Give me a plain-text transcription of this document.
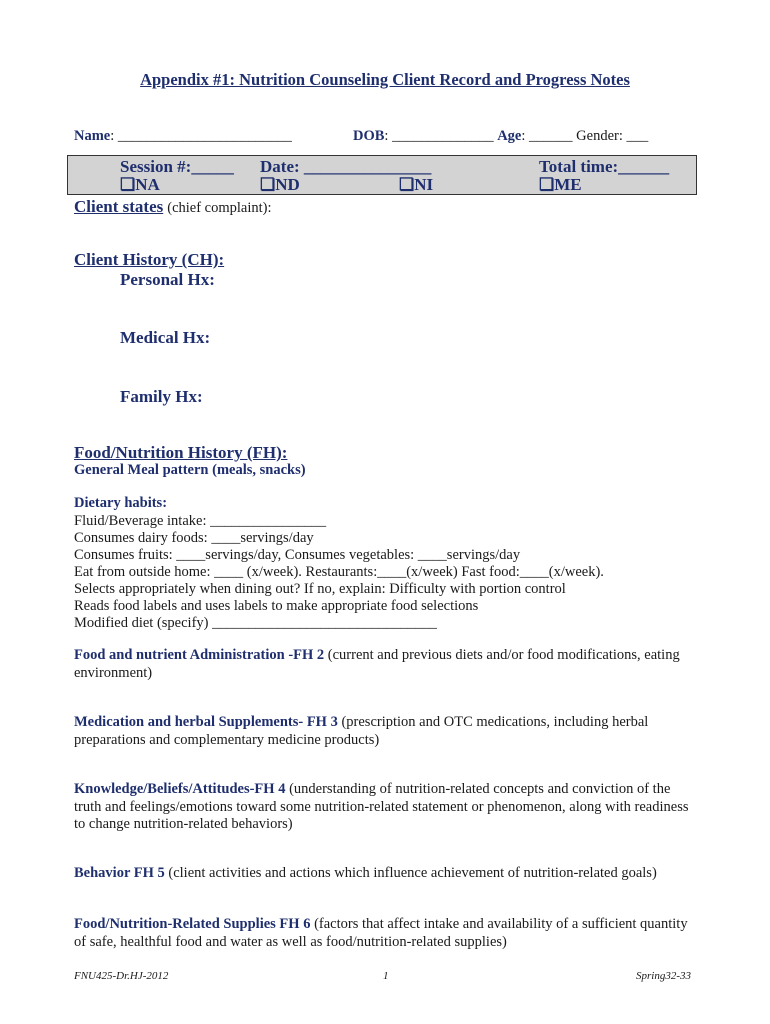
Appendix #1: Nutrition Counseling Client Record and Progress Notes
Name: ________________________	DOB: ______________ Age: ______ Gender: ___
Session #:_____ Date: _______________	Total time:______
❏NA	❏ND	❏NI	❏ME
Client states (chief complaint):
Client History (CH):
Personal Hx:
Medical Hx:
Family Hx:
Food/Nutrition History (FH):
General Meal pattern (meals, snacks)
Dietary habits:
Fluid/Beverage intake: ________________
Consumes dairy foods: ____servings/day
Consumes fruits: ____servings/day, Consumes vegetables: ____servings/day
Eat from outside home: ____ (x/week). Restaurants:____(x/week) Fast food:____(x/week).
Selects appropriately when dining out? If no, explain: Difficulty with portion control
Reads food labels and uses labels to make appropriate food selections
Modified diet (specify) _______________________________
Food and nutrient Administration -FH 2 (current and previous diets and/or food modifications, eating environment)
Medication and herbal Supplements- FH 3 (prescription and OTC medications, including herbal preparations and complementary medicine products)
Knowledge/Beliefs/Attitudes-FH 4 (understanding of nutrition-related concepts and conviction of the truth and feelings/emotions toward some nutrition-related statement or phenomenon, along with readiness to change nutrition-related behaviors)
Behavior FH 5 (client activities and actions which influence achievement of nutrition-related goals)
Food/Nutrition-Related Supplies FH 6 (factors that affect intake and availability of a sufficient quantity of safe, healthful food and water as well as food/nutrition-related supplies)
FNU425-Dr.HJ-2012	1	Spring32-33
